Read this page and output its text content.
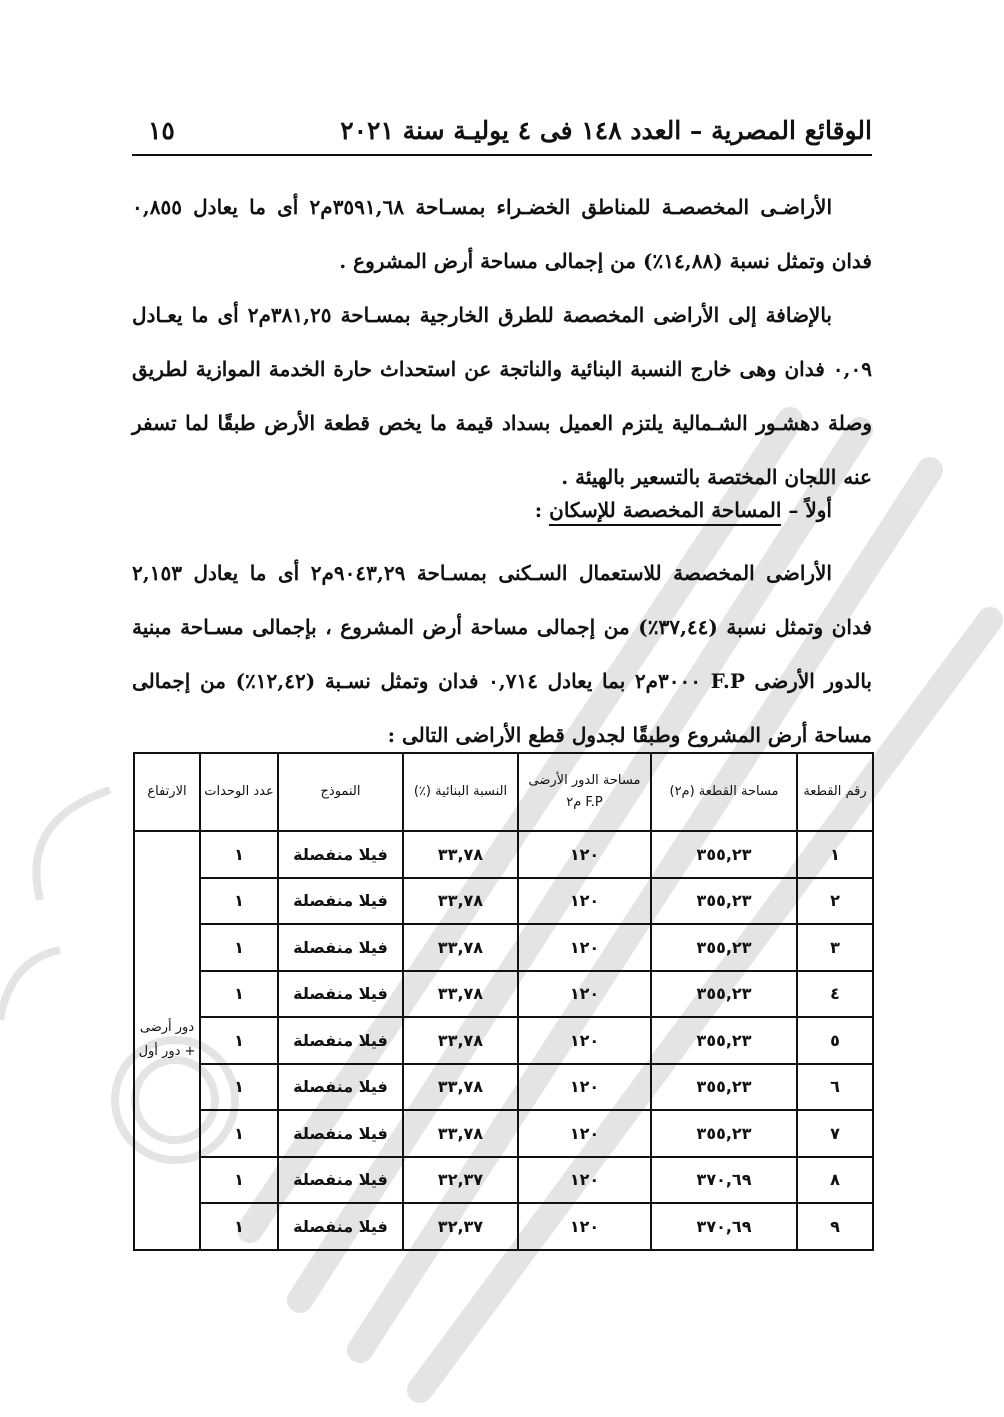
الوقائع المصرية – العدد ١٤٨ فى ٤ يوليـة سنة ٢٠٢١
١٥

الأراضـى المخصصـة للمناطق الخضـراء بمسـاحة ٣٥٩١,٦٨م٢ أى ما يعادل ٠,٨٥٥ فدان وتمثل نسبة (١٤,٨٨٪) من إجمالى مساحة أرض المشروع .

بالإضافة إلى الأراضى المخصصة للطرق الخارجية بمسـاحة ٣٨١,٢٥م٢ أى ما يعـادل ٠,٠٩ فدان وهى خارج النسبة البنائية والناتجة عن استحداث حارة الخدمة الموازية لطريق وصلة دهشـور الشـمالية يلتزم العميل بسداد قيمة ما يخص قطعة الأرض طبقًا لما تسفر عنه اللجان المختصة بالتسعير بالهيئة .

أولاً – المساحة المخصصة للإسكان :

الأراضى المخصصة للاستعمال السـكنى بمسـاحة ٩٠٤٣,٢٩م٢ أى ما يعادل ٢,١٥٣ فدان وتمثل نسبة (٣٧,٤٤٪) من إجمالى مساحة أرض المشروع ، بإجمالى مسـاحة مبنية بالدور الأرضى F.P ٣٠٠٠م٢ بما يعادل ٠,٧١٤ فدان وتمثل نسـبة (١٢,٤٢٪) من إجمالى مساحة أرض المشروع وطبقًا لجدول قطع الأراضى التالى :

رقم القطعة	مساحة القطعة (م٢)	مساحة الدور الأرضى F.P م٢	النسبة البنائية (٪)	النموذج	عدد الوحدات	الارتفاع
١	٣٥٥,٢٣	١٢٠	٣٣,٧٨	فيلا منفصلة	١	دور أرضى + دور أول
٢	٣٥٥,٢٣	١٢٠	٣٣,٧٨	فيلا منفصلة	١	
٣	٣٥٥,٢٣	١٢٠	٣٣,٧٨	فيلا منفصلة	١	
٤	٣٥٥,٢٣	١٢٠	٣٣,٧٨	فيلا منفصلة	١	
٥	٣٥٥,٢٣	١٢٠	٣٣,٧٨	فيلا منفصلة	١	
٦	٣٥٥,٢٣	١٢٠	٣٣,٧٨	فيلا منفصلة	١	
٧	٣٥٥,٢٣	١٢٠	٣٣,٧٨	فيلا منفصلة	١	
٨	٣٧٠,٦٩	١٢٠	٣٢,٣٧	فيلا منفصلة	١	
٩	٣٧٠,٦٩	١٢٠	٣٢,٣٧	فيلا منفصلة	١	
